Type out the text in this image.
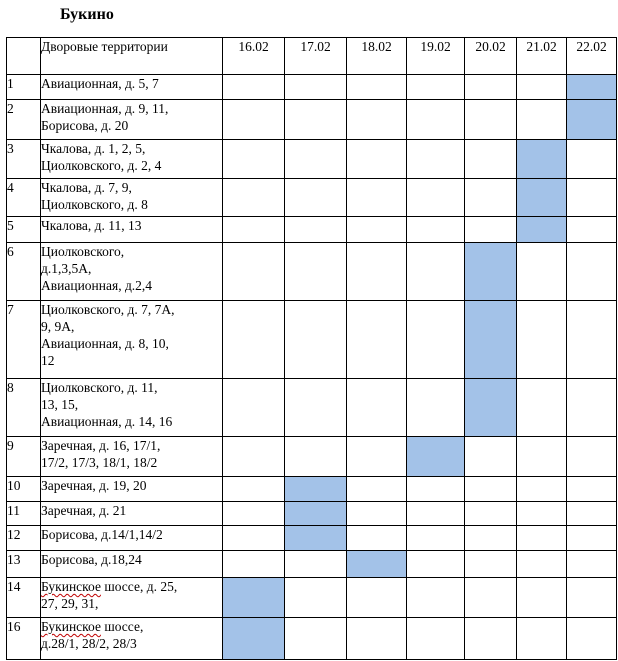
Букино
	Дворовые территории	16.02	17.02	18.02	19.02	20.02	21.02	22.02
1	Авиационная, д. 5, 7							
2	Авиационная, д. 9, 11,
Борисова, д. 20							
3	Чкалова, д. 1, 2, 5,
Циолковского, д. 2, 4							
4	Чкалова, д. 7, 9,
Циолковского, д. 8							
5	Чкалова, д. 11, 13							
6	Циолковского,
д.1,3,5А,
Авиационная, д.2,4							
7	Циолковского, д. 7, 7А,
9, 9А,
Авиационная, д. 8, 10,
12							
8	Циолковского, д. 11,
13, 15,
Авиационная, д. 14, 16							
9	Заречная, д. 16, 17/1,
17/2, 17/3, 18/1, 18/2							
10	Заречная, д. 19, 20							
11	Заречная, д. 21							
12	Борисова, д.14/1,14/2							
13	Борисова, д.18,24							
14	Букинское шоссе, д. 25,
27, 29, 31,							
16	Букинское шоссе,
д.28/1, 28/2, 28/3							
